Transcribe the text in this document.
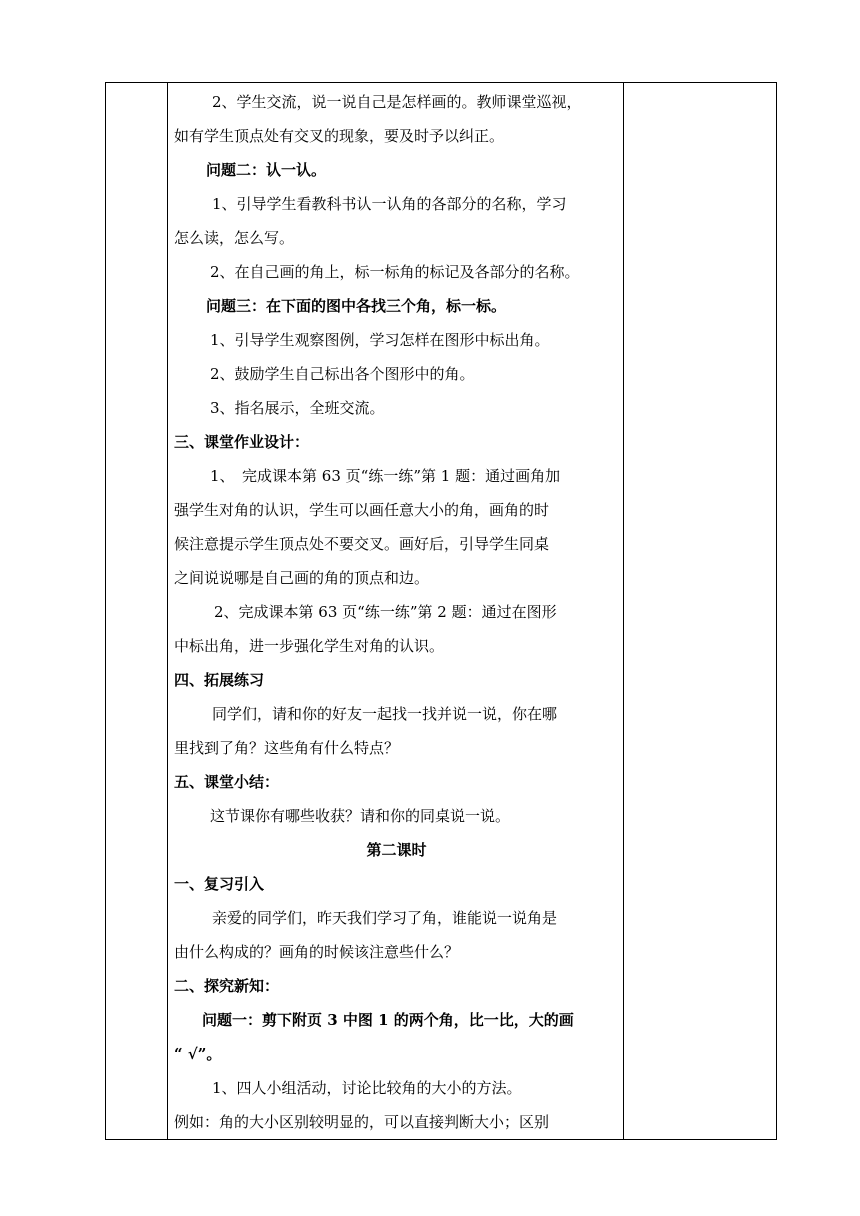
2、学生交流，说一说自己是怎样画的。教师课堂巡视，
如有学生顶点处有交叉的现象，要及时予以纠正。
问题二：认一认。
1、引导学生看教科书认一认角的各部分的名称，学习
怎么读，怎么写。
2、在自己画的角上，标一标角的标记及各部分的名称。
问题三：在下面的图中各找三个角，标一标。
1、引导学生观察图例，学习怎样在图形中标出角。
2、鼓励学生自己标出各个图形中的角。
3、指名展示，全班交流。
三、课堂作业设计：
1、　完成课本第 63 页“练一练”第 1 题：通过画角加
强学生对角的认识，学生可以画任意大小的角，画角的时
候注意提示学生顶点处不要交叉。画好后，引导学生同桌
之间说说哪是自己画的角的顶点和边。
2、完成课本第 63 页“练一练”第 2 题：通过在图形
中标出角，进一步强化学生对角的认识。
四、拓展练习
同学们，请和你的好友一起找一找并说一说，你在哪
里找到了角？这些角有什么特点？
五、课堂小结：
这节课你有哪些收获？请和你的同桌说一说。
第二课时
一、复习引入
亲爱的同学们，昨天我们学习了角，谁能说一说角是
由什么构成的？画角的时候该注意些什么？
二、探究新知：
问题一：剪下附页 3 中图 1 的两个角，比一比，大的画
“ √”。
1、四人小组活动，讨论比较角的大小的方法。
例如：角的大小区别较明显的，可以直接判断大小；区别
